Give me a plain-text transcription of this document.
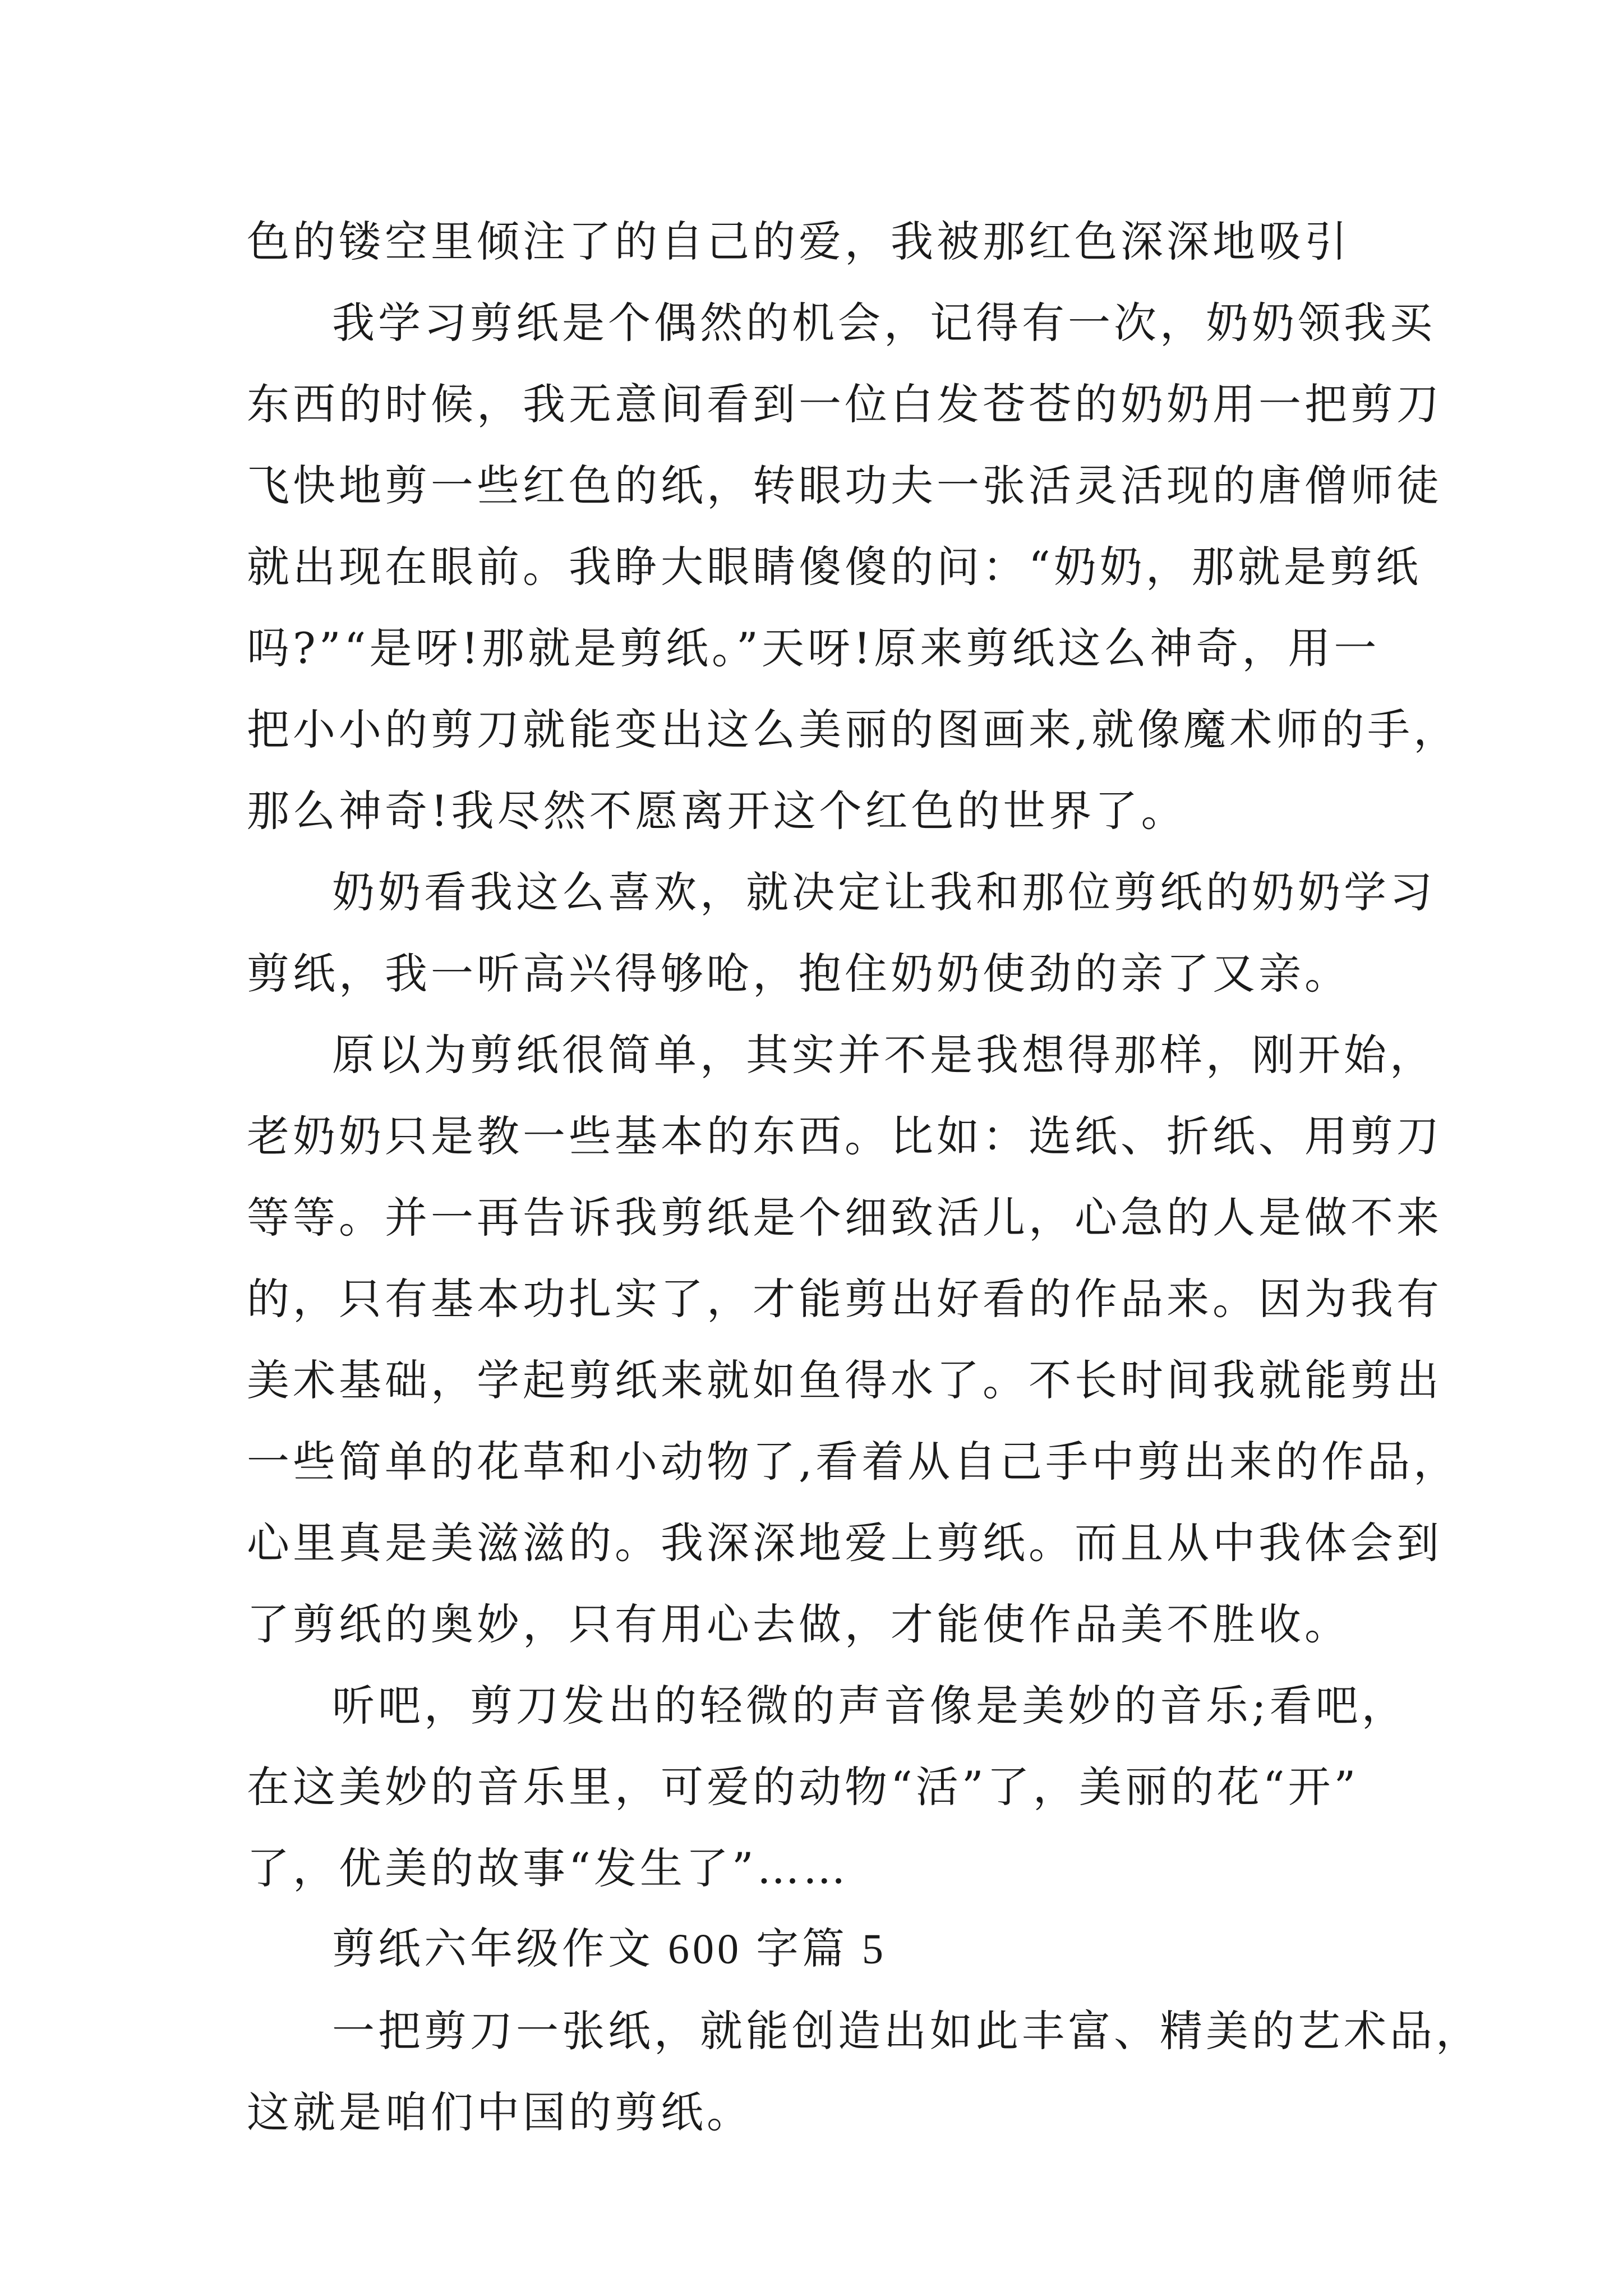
色的镂空里倾注了的自己的爱，我被那红色深深地吸引
我学习剪纸是个偶然的机会，记得有一次，奶奶领我买
东西的时候，我无意间看到一位白发苍苍的奶奶用一把剪刀
飞快地剪一些红色的纸，转眼功夫一张活灵活现的唐僧师徒
就出现在眼前。我睁大眼睛傻傻的问：“奶奶，那就是剪纸
吗?”“是呀!那就是剪纸。”天呀!原来剪纸这么神奇，用一
把小小的剪刀就能变出这么美丽的图画来,就像魔术师的手，
那么神奇!我尽然不愿离开这个红色的世界了。
奶奶看我这么喜欢，就决定让我和那位剪纸的奶奶学习
剪纸，我一听高兴得够呛，抱住奶奶使劲的亲了又亲。
原以为剪纸很简单，其实并不是我想得那样，刚开始，
老奶奶只是教一些基本的东西。比如：选纸、折纸、用剪刀
等等。并一再告诉我剪纸是个细致活儿，心急的人是做不来
的，只有基本功扎实了，才能剪出好看的作品来。因为我有
美术基础，学起剪纸来就如鱼得水了。不长时间我就能剪出
一些简单的花草和小动物了,看着从自己手中剪出来的作品，
心里真是美滋滋的。我深深地爱上剪纸。而且从中我体会到
了剪纸的奥妙，只有用心去做，才能使作品美不胜收。
听吧，剪刀发出的轻微的声音像是美妙的音乐;看吧，
在这美妙的音乐里，可爱的动物“活”了，美丽的花“开”
了，优美的故事“发生了”……
剪纸六年级作文 600 字篇 5
一把剪刀一张纸，就能创造出如此丰富、精美的艺术品，
这就是咱们中国的剪纸。
